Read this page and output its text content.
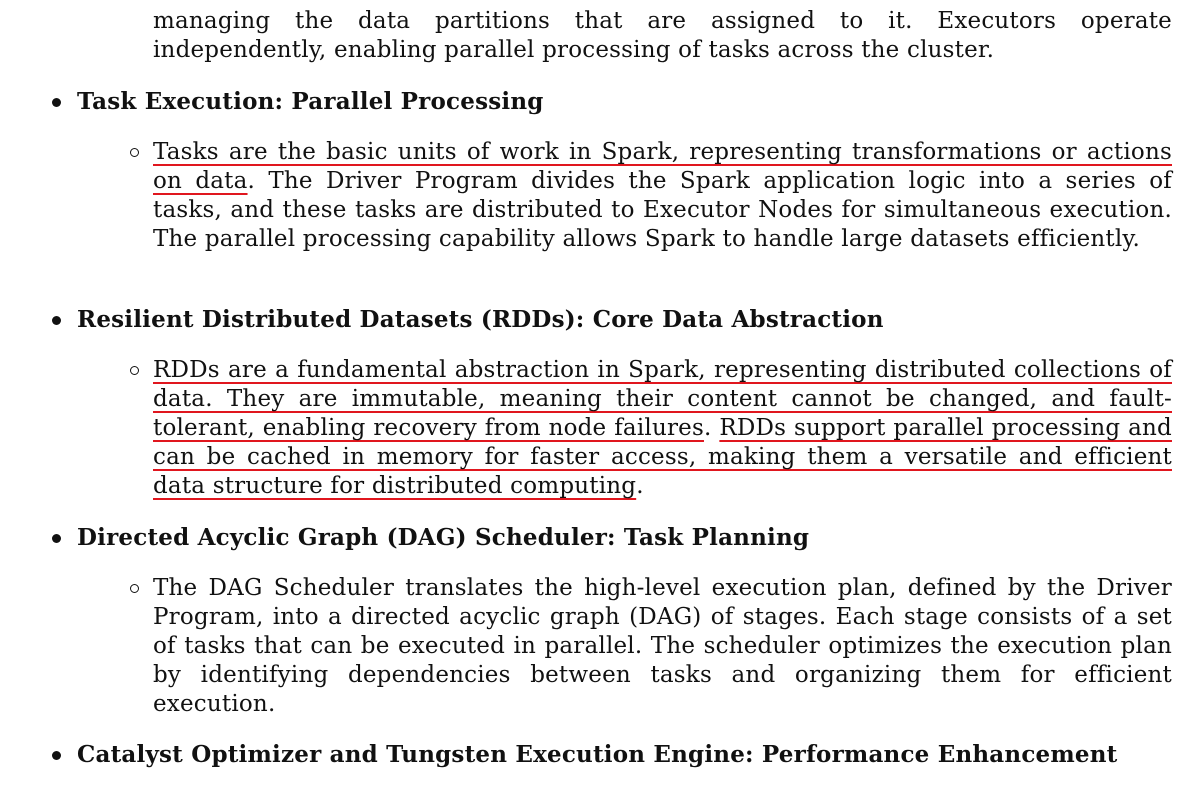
managing the data partitions that are assigned to it. Executors operate independently, enabling parallel processing of tasks across the cluster.
Task Execution: Parallel Processing
Tasks are the basic units of work in Spark, representing transformations or actions on data. The Driver Program divides the Spark application logic into a series of tasks, and these tasks are distributed to Executor Nodes for simultaneous execution. The parallel processing capability allows Spark to handle large datasets efficiently.
Resilient Distributed Datasets (RDDs): Core Data Abstraction
RDDs are a fundamental abstraction in Spark, representing distributed collections of data. They are immutable, meaning their content cannot be changed, and fault-tolerant, enabling recovery from node failures. RDDs support parallel processing and can be cached in memory for faster access, making them a versatile and efficient data structure for distributed computing.
Directed Acyclic Graph (DAG) Scheduler: Task Planning
The DAG Scheduler translates the high-level execution plan, defined by the Driver Program, into a directed acyclic graph (DAG) of stages. Each stage consists of a set of tasks that can be executed in parallel. The scheduler optimizes the execution plan by identifying dependencies between tasks and organizing them for efficient execution.
Catalyst Optimizer and Tungsten Execution Engine: Performance Enhancement
